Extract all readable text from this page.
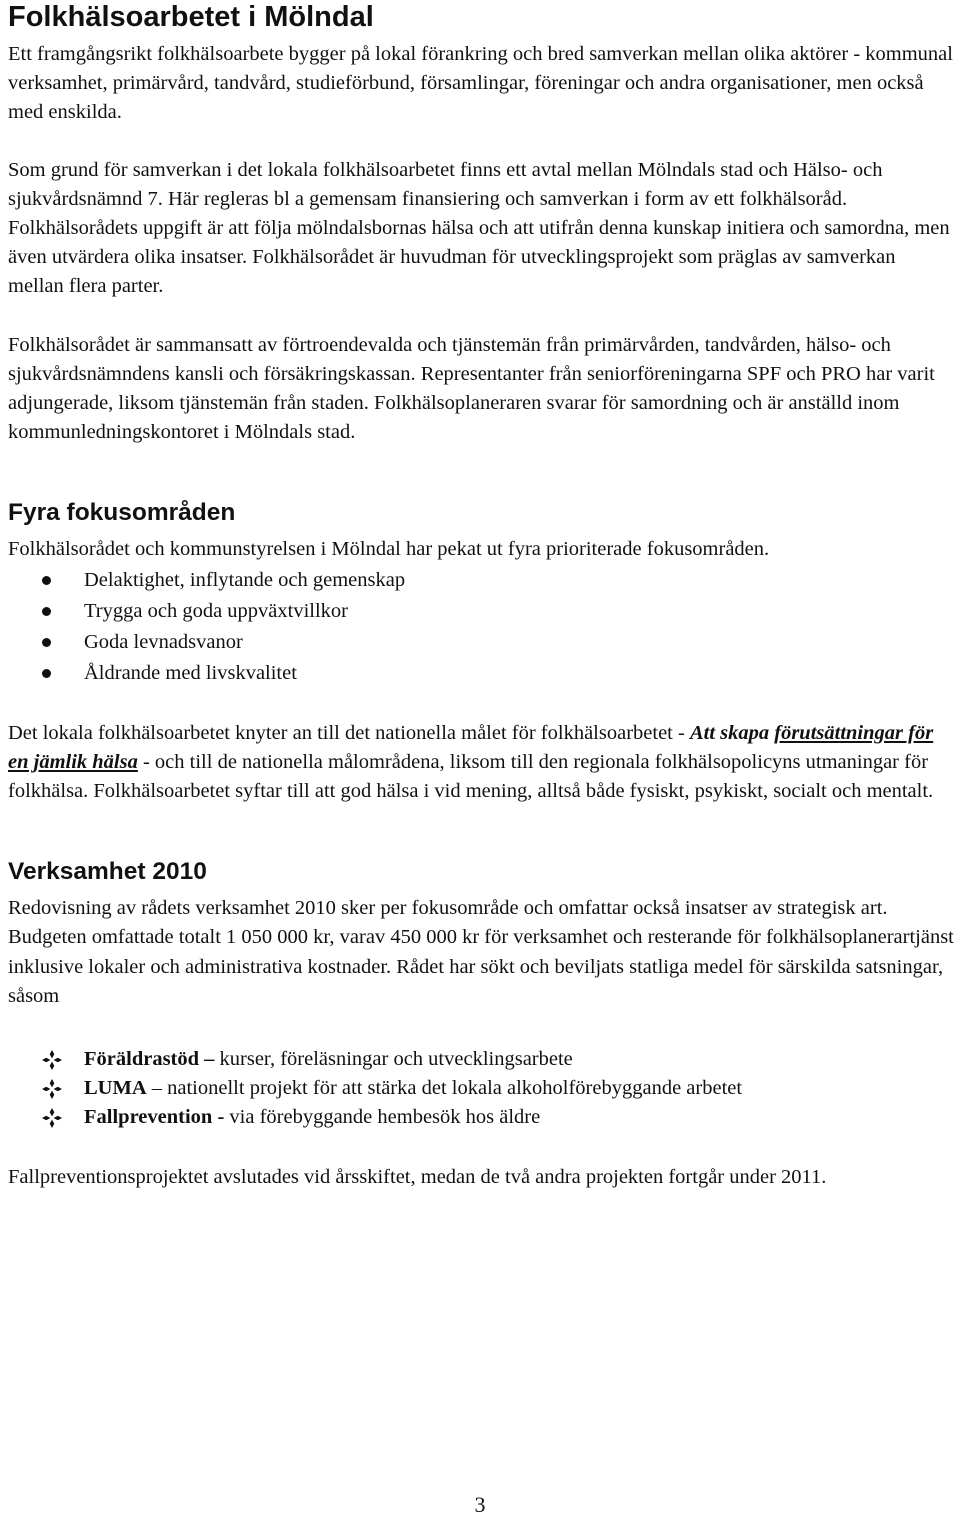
Folkhälsoarbetet i Mölndal

Ett framgångsrikt folkhälsoarbete bygger på lokal förankring och bred samverkan mellan olika aktörer - kommunal verksamhet, primärvård, tandvård, studieförbund, församlingar, föreningar och andra organisationer, men också med enskilda.

Som grund för samverkan i det lokala folkhälsoarbetet finns ett avtal mellan Mölndals stad och Hälso- och sjukvårdsnämnd 7. Här regleras bl a gemensam finansiering och samverkan i form av ett folkhälsoråd. Folkhälsorådets uppgift är att följa mölndalsbornas hälsa och att utifrån denna kunskap initiera och samordna, men även utvärdera olika insatser. Folkhälsorådet är huvudman för utvecklingsprojekt som präglas av samverkan mellan flera parter.

Folkhälsorådet är sammansatt av förtroendevalda och tjänstemän från primärvården, tandvården, hälso- och sjukvårdsnämndens kansli och försäkringskassan. Representanter från seniorföreningarna SPF och PRO har varit adjungerade, liksom tjänstemän från staden. Folkhälsoplaneraren svarar för samordning och är anställd inom kommunledningskontoret i Mölndals stad.

Fyra fokusområden

Folkhälsorådet och kommunstyrelsen i Mölndal har pekat ut fyra prioriterade fokusområden.

Delaktighet, inflytande och gemenskap
Trygga och goda uppväxtvillkor
Goda levnadsvanor
Åldrande med livskvalitet

Det lokala folkhälsoarbetet knyter an till det nationella målet för folkhälsoarbetet - Att skapa förutsättningar för en jämlik hälsa - och till de nationella målområdena, liksom till den regionala folkhälsopolicyns utmaningar för folkhälsa. Folkhälsoarbetet syftar till att god hälsa i vid mening, alltså både fysiskt, psykiskt, socialt och mentalt.

Verksamhet 2010

Redovisning av rådets verksamhet 2010 sker per fokusområde och omfattar också insatser av strategisk art. Budgeten omfattade totalt 1 050 000 kr, varav 450 000 kr för verksamhet och resterande för folkhälsoplanerartjänst inklusive lokaler och administrativa kostnader. Rådet har sökt och beviljats statliga medel för särskilda satsningar, såsom

Föräldrastöd – kurser, föreläsningar och utvecklingsarbete
LUMA – nationellt projekt för att stärka det lokala alkoholförebyggande arbetet
Fallprevention - via förebyggande hembesök hos äldre

Fallpreventionsprojektet avslutades vid årsskiftet, medan de två andra projekten fortgår under 2011.

3
